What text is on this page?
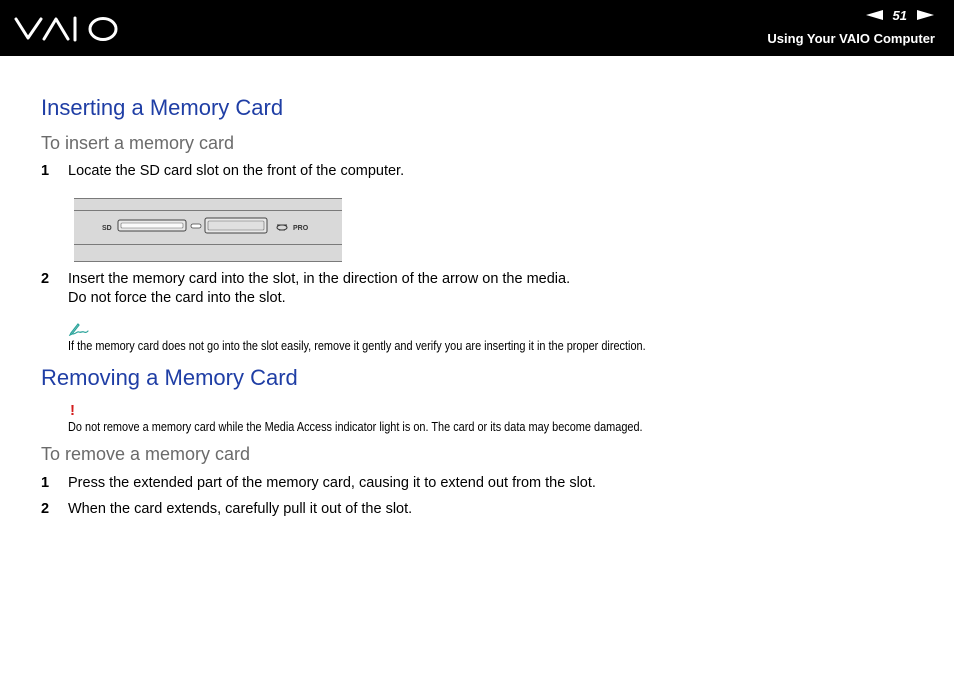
51
Using Your VAIO Computer
Inserting a Memory Card
To insert a memory card
1 Locate the SD card slot on the front of the computer.
SD	PRO
2 Insert the memory card into the slot, in the direction of the arrow on the media.
Do not force the card into the slot.
If the memory card does not go into the slot easily, remove it gently and verify you are inserting it in the proper direction.
Removing a Memory Card
!
Do not remove a memory card while the Media Access indicator light is on. The card or its data may become damaged.
To remove a memory card
1 Press the extended part of the memory card, causing it to extend out from the slot.
2 When the card extends, carefully pull it out of the slot.
